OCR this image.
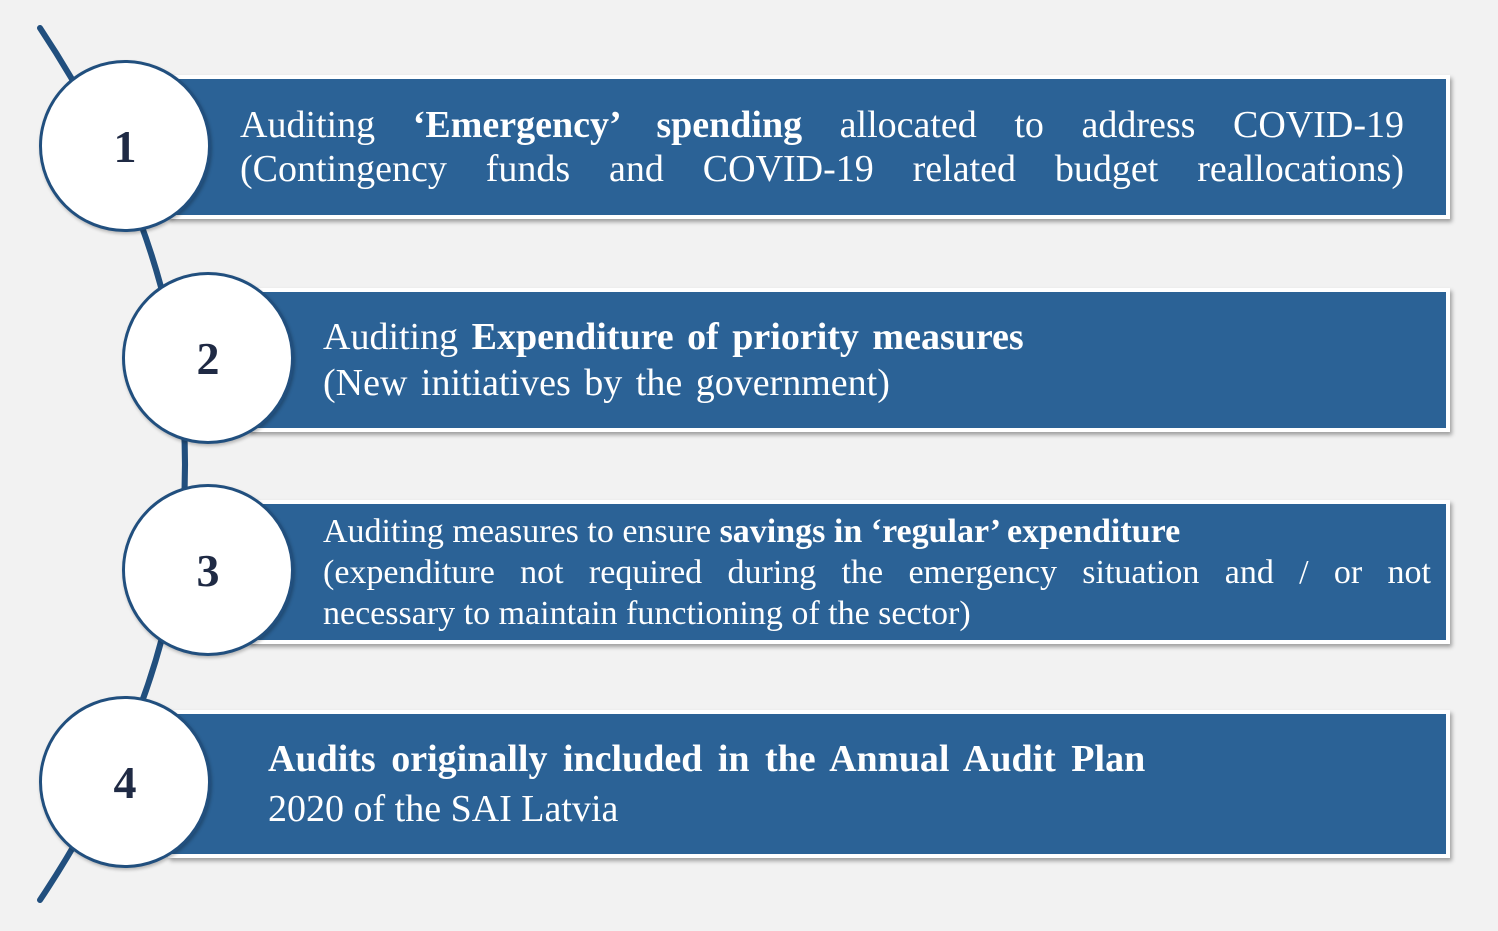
Auditing ‘Emergency’ spending allocated to address COVID-19
(Contingency funds and COVID-19 related budget reallocations)
Auditing Expenditure of priority measures
(New initiatives by the government)
Auditing measures to ensure savings in ‘regular’ expenditure
(expenditure not required during the emergency situation and / or not
necessary to maintain functioning of the sector)
Audits originally included in the Annual Audit Plan
2020 of the SAI Latvia
1
2
3
4
